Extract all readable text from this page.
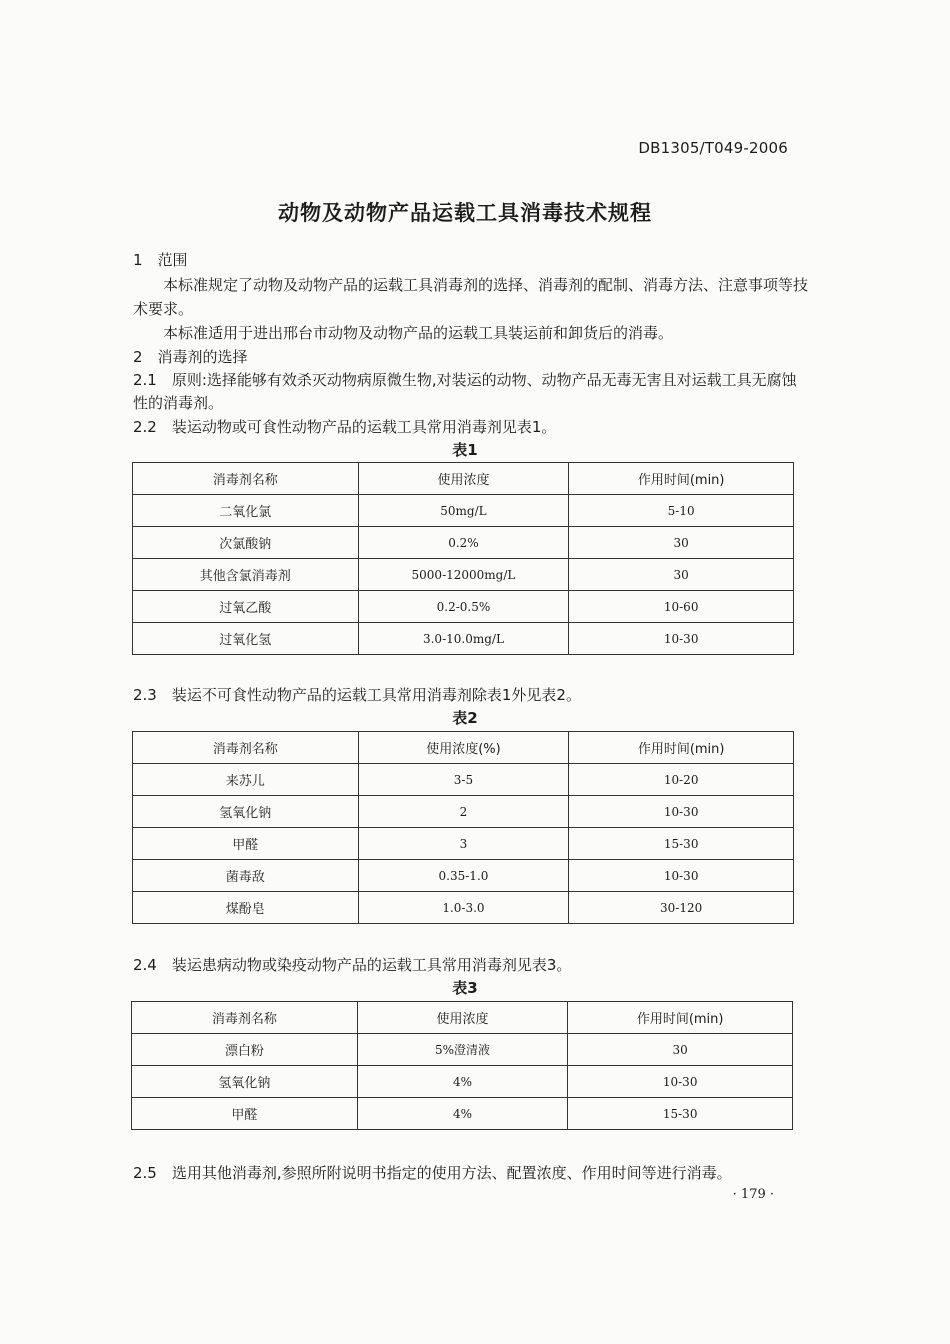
DB1305/T049-2006
动物及动物产品运载工具消毒技术规程
1　范围
本标准规定了动物及动物产品的运载工具消毒剂的选择、消毒剂的配制、消毒方法、注意事项等技
术要求。
本标准适用于进出邢台市动物及动物产品的运载工具装运前和卸货后的消毒。
2　消毒剂的选择
2.1　原则:选择能够有效杀灭动物病原微生物,对装运的动物、动物产品无毒无害且对运载工具无腐蚀
性的消毒剂。
2.2　装运动物或可食性动物产品的运载工具常用消毒剂见表1。
表1
消毒剂名称	使用浓度	作用时间(min)
二氧化氯	50mg/L	5-10
次氯酸钠	0.2%	30
其他含氯消毒剂	5000-12000mg/L	30
过氧乙酸	0.2-0.5%	10-60
过氧化氢	3.0-10.0mg/L	10-30
2.3　装运不可食性动物产品的运载工具常用消毒剂除表1外见表2。
表2
消毒剂名称	使用浓度(%)	作用时间(min)
来苏儿	3-5	10-20
氢氧化钠	2	10-30
甲醛	3	15-30
菌毒敌	0.35-1.0	10-30
煤酚皂	1.0-3.0	30-120
2.4　装运患病动物或染疫动物产品的运载工具常用消毒剂见表3。
表3
消毒剂名称	使用浓度	作用时间(min)
漂白粉	5%澄清液	30
氢氧化钠	4%	10-30
甲醛	4%	15-30
2.5　选用其他消毒剂,参照所附说明书指定的使用方法、配置浓度、作用时间等进行消毒。
· 179 ·
